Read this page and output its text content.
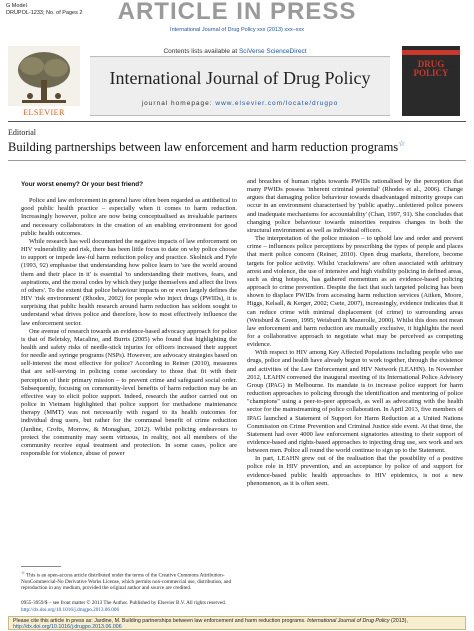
G Model
DRUPOL-1233; No. of Pages 2	ARTICLE IN PRESS
International Journal of Drug Policy xxx (2013) xxx–xxx
Contents lists available at SciVerse ScienceDirect
International Journal of Drug Policy
journal homepage: www.elsevier.com/locate/drugpo
ELSEVIER
DRUG POLICY
Editorial
Building partnerships between law enforcement and harm reduction programs☆
Your worst enemy? Or your best friend?

Police and law enforcement in general have often been regarded as antithetical to good public health practice – especially when it comes to harm reduction. Increasingly however, police are now being conceptualised as invaluable partners and necessary collaborators in the creation of an enabling environment for good public health outcomes.

While research has well documented the negative impacts of law enforcement on HIV vulnerability and risk, there has been little focus to date on why police choose to support or impede law-ful harm reduction policy and practice. Skolnick and Fyfe (1993, 92) emphasise that understanding how police learn to 'see the world around them and their place in it' is essential 'to understanding their motives, fears, and aspirations, and the moral codes by which they judge themselves and affect the lives of others'. To the extent that police behaviour impacts on or even largely defines the HIV 'risk environment' (Rhodes, 2002) for people who inject drugs (PWIDs), it is surprising that public health research around harm reduction has seldom sought to understand what drives police and therefore, how to most effectively influence the law enforcement sector.

One avenue of research towards an evidence-based advocacy approach for police is that of Beletsky, Macalino, and Burris (2005) who found that highlighting the health and safety risks of needle-stick injuries for officers increased their support for needle and syringe programs (NSPs). However, are advocacy strategies based on self-interest the most effective for police? According to Reiner (2010), measures that are self-serving in policing come secondary to those that fit with their perception of their primary mission – to prevent crime and safeguard social order. Subsequently, focusing on community-level benefits of harm reduction may be an effective way to elicit police support. Indeed, research the author carried out on police in Vietnam highlighted that police support for methadone maintenance therapy (MMT) was not necessarily with regard to its health outcomes for individual drug users, but rather for the communal benefit of crime reduction (Jardine, Crofts, Morrow, & Monaghan, 2012). Whilst policing endeavours to protect the community may seem virtuous, in reality, not all members of the community receive equal treatment and protection. In some cases, police are responsible for violence, abuse of power

and breaches of human rights towards PWIDs rationalised by the perception that many PWIDs possess 'inherent criminal potential' (Rhodes et al., 2006). Change argues that damaging police behaviour towards disadvantaged minority groups can occur in an environment characterised by 'public apathy...unfettered police powers and inadequate mechanisms for accountability' (Chan, 1997, 91). She concludes that changing police behaviour towards minorities requires changes in both the structural environment as well as individual officers.

The interpretation of the police mission – to uphold law and order and prevent crime – influences police perceptions by prescribing the types of people and places that merit police concern (Reiner, 2010). Open drug markets, therefore, become targets for police activity. Whilst 'crackdowns' are often associated with arbitrary arrest and violence, the use of intensive and high visibility policing in defined areas, such as drug hotspots, has gathered momentum as an evidence-based policing approach to crime prevention. Despite the fact that such targeted policing has been shown to displace PWIDs from accessing harm reduction services (Aitken, Moore, Higgs, Kelsall, & Kerger, 2002; Csete, 2007), increasingly, evidence indicates that it can reduce crime with minimal displacement (of crime) to surrounding areas (Weisburd & Green, 1995; Weisburd & Mazerolle, 2000). Whilst this does not mean law enforcement and harm reduction are mutually exclusive, it highlights the need for a collaborative approach to negotiate what may be perceived as competing evidence.

With respect to HIV among Key Affected Populations including people who use drugs, police and health have already begun to work together, through the existence and activities of the Law Enforcement and HIV Network (LEAHN). In November 2012, LEAHN convened the inaugural meeting of its International Police Advisory Group (IPAG) in Melbourne. Its mandate is to increase police support for harm reduction approaches to policing through the identification and mentoring of police "champions" using a peer-to-peer approach, as well as advocating with the health sector for the mainstreaming of police collaboration. In April 2013, five members of IPAG launched a Statement of Support for Harm Reduction at a United Nations Commission on Crime Prevention and Criminal Justice side event. At that time, the Statement had over 4000 law enforcement signatories attesting to their support of evidence-based and rights-based approaches to injecting drug use, sex work and sex between men. Police all round the world continue to sign up to the Statement.

In part, LEAHN grew out of the realisation that the possibility of a positive police role in HIV prevention, and an acceptance by police of and support for evidence-based public health approaches to HIV epidemics, is not a new phenomenon, as it is often seen.

☆ This is an open-access article distributed under the terms of the Creative Commons Attribution-NonCommercial-No Derivative Works License, which permits non-commercial use, distribution, and reproduction in any medium, provided the original author and source are credited.
0955-3959/$ – see front matter © 2013 The Author. Published by Elsevier B.V. All rights reserved.
http://dx.doi.org/10.1016/j.drugpo.2013.06.006
Please cite this article in press as: Jardine, M. Building partnerships between law enforcement and harm reduction programs. International Journal of Drug Policy (2013), http://dx.doi.org/10.1016/j.drugpo.2013.06.006
